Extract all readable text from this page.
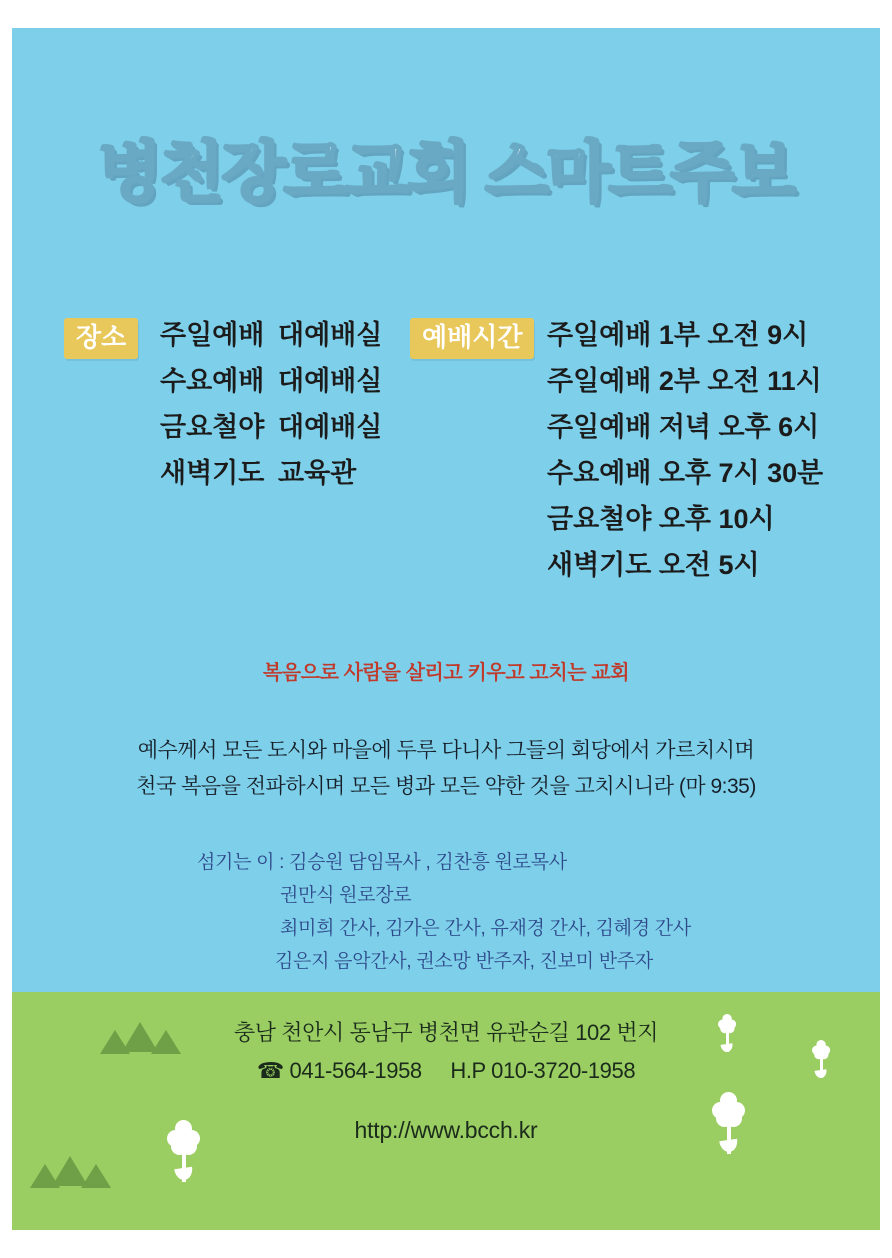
병천장로교회 스마트주보
장소	주일예배 대예배실
수요예배 대예배실
금요철야 대예배실
새벽기도 교육관
예배시간 주일예배 1부 오전 9시
주일예배 2부 오전 11시
주일예배 저녁 오후 6시
수요예배 오후 7시 30분
금요철야 오후 10시
새벽기도 오전 5시
복음으로 사람을 살리고 키우고 고치는 교회
예수께서 모든 도시와 마을에 두루 다니사 그들의 회당에서 가르치시며
천국 복음을 전파하시며 모든 병과 모든 약한 것을 고치시니라 (마 9:35)
섬기는 이 : 김승원 담임목사 , 김찬흥 원로목사
권만식 원로장로
최미희 간사, 김가은 간사, 유재경 간사, 김혜경 간사
김은지 음악간사, 권소망 반주자, 진보미 반주자
충남 천안시 동남구 병천면 유관순길 102 번지
☎ 041-564-1958 H.P 010-3720-1958
http://www.bcch.kr
